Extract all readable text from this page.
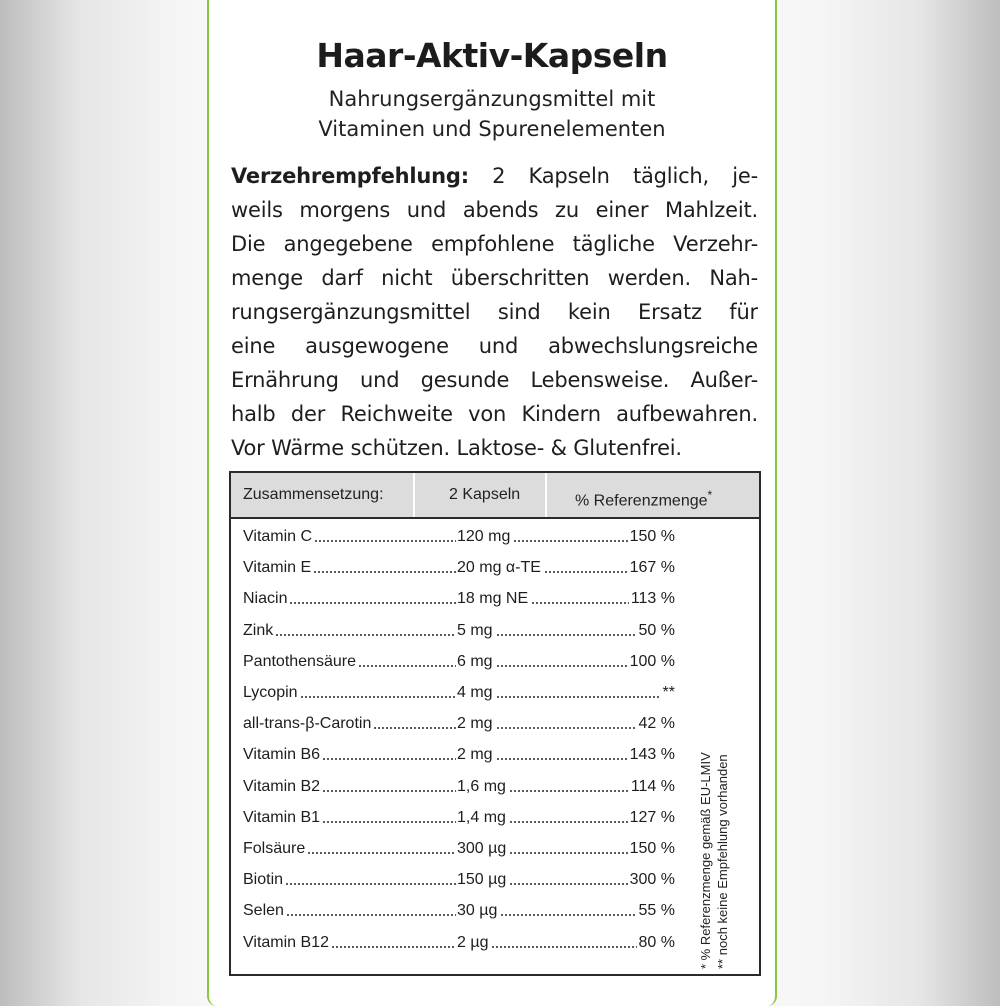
Haar-Aktiv-Kapseln
Nahrungsergänzungsmittel mit
Vitaminen und Spurenelementen
Verzehrempfehlung: 2 Kapseln täglich, je-
weils morgens und abends zu einer Mahlzeit.
Die angegebene empfohlene tägliche Verzehr-
menge darf nicht überschritten werden. Nah-
rungsergänzungsmittel sind kein Ersatz für
eine ausgewogene und abwechslungsreiche
Ernährung und gesunde Lebensweise. Außer-
halb der Reichweite von Kindern aufbewahren.
Vor Wärme schützen. Laktose- & Glutenfrei.
Zusammensetzung:	2 Kapseln	% Referenzmenge*
Vitamin C	120 mg	150 %
Vitamin E	20 mg α-TE	167 %
Niacin	18 mg NE	113 %
Zink	5 mg	50 %
Pantothensäure	6 mg	100 %
Lycopin	4 mg	**
all-trans-β-Carotin	2 mg	42 %
Vitamin B6	2 mg	143 %
Vitamin B2	1,6 mg	114 %
Vitamin B1	1,4 mg	127 %
Folsäure	300 µg	150 %
Biotin	150 µg	300 %
Selen	30 µg	55 %
Vitamin B12	2 µg	80 % * % Referenzmenge gemäß EU-LMIV ** noch keine Empfehlung vorhanden
